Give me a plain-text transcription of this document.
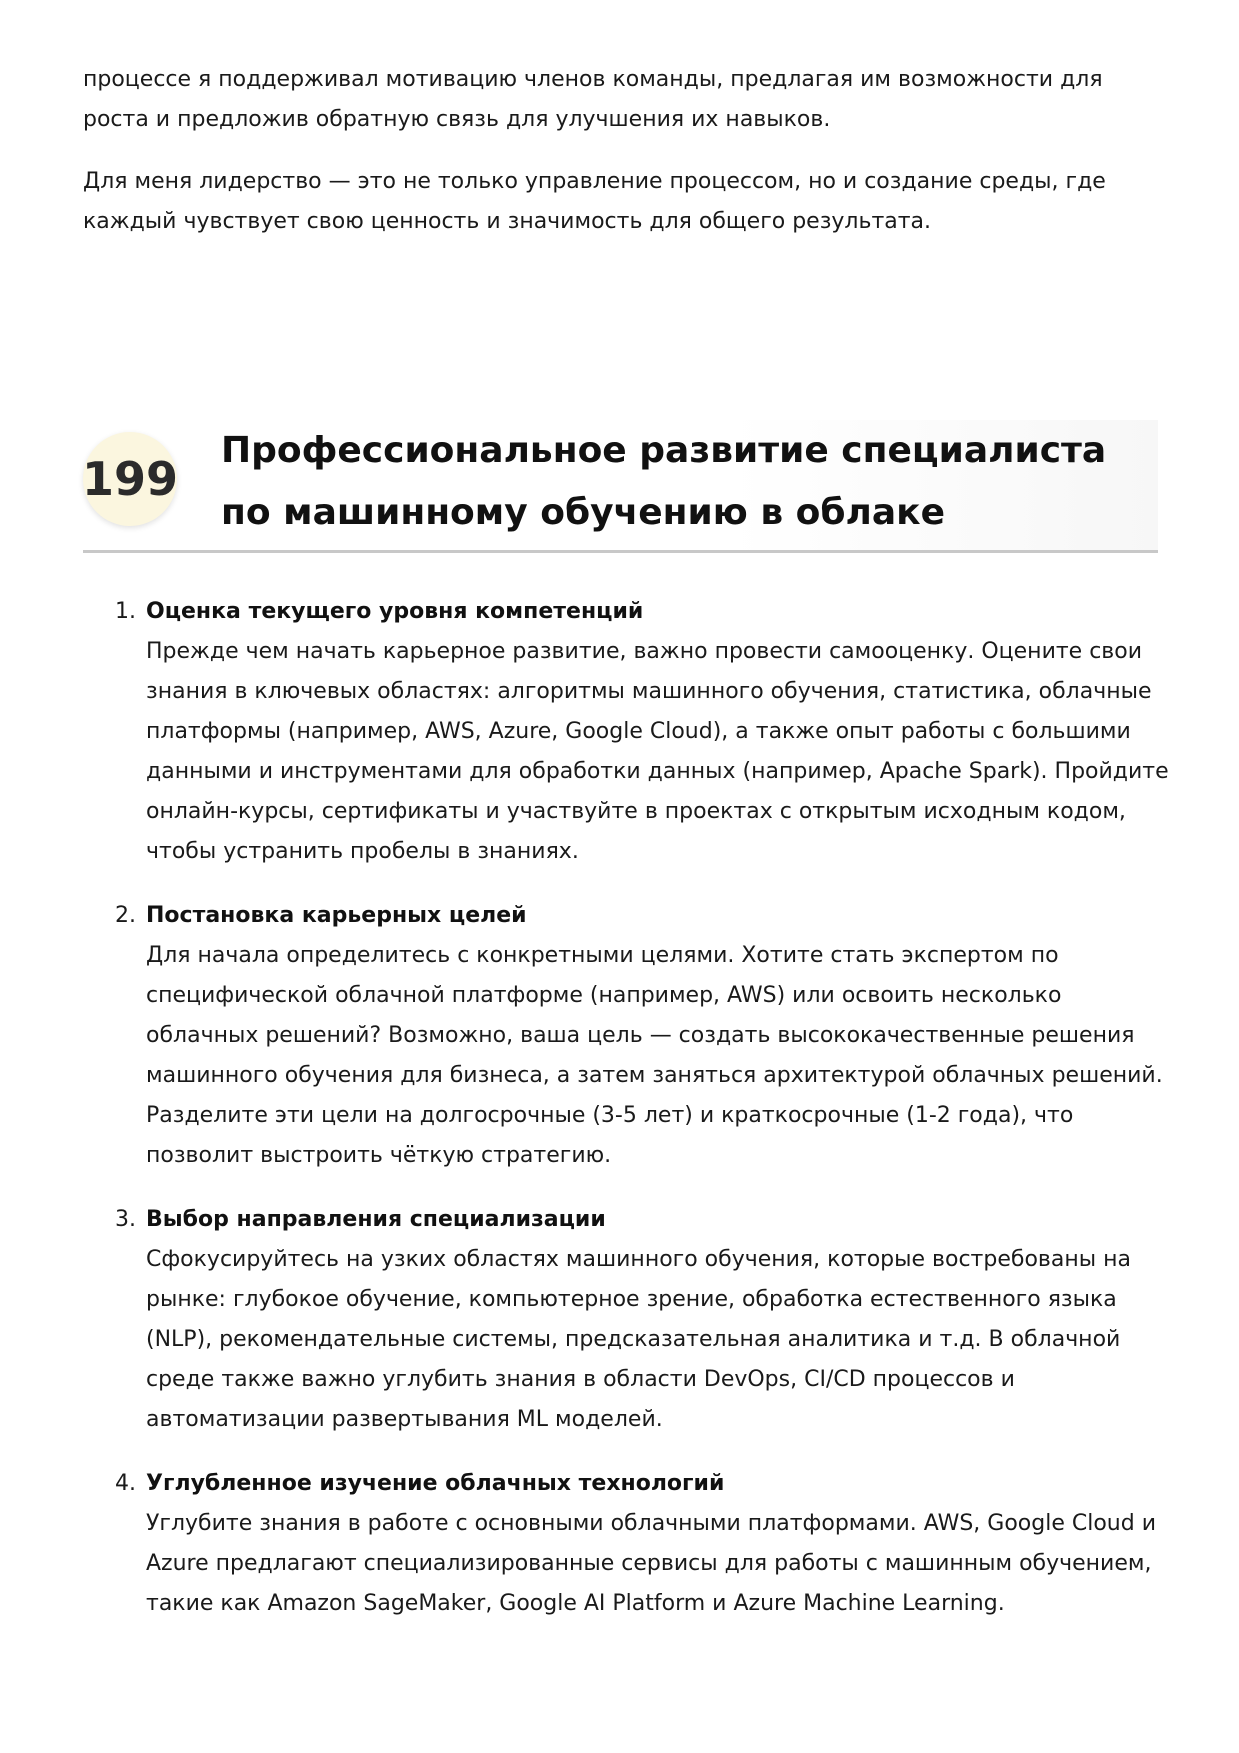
процессе я поддерживал мотивацию членов команды, предлагая им возможности для роста и предложив обратную связь для улучшения их навыков.

Для меня лидерство — это не только управление процессом, но и создание среды, где каждый чувствует свою ценность и значимость для общего результата.

199
Профессиональное развитие специалиста по машинному обучению в облаке
1. Оценка текущего уровня компетенций
Прежде чем начать карьерное развитие, важно провести самооценку. Оцените свои знания в ключевых областях: алгоритмы машинного обучения, статистика, облачные платформы (например, AWS, Azure, Google Cloud), а также опыт работы с большими данными и инструментами для обработки данных (например, Apache Spark). Пройдите онлайн-курсы, сертификаты и участвуйте в проектах с открытым исходным кодом, чтобы устранить пробелы в знаниях.
2. Постановка карьерных целей
Для начала определитесь с конкретными целями. Хотите стать экспертом по специфической облачной платформе (например, AWS) или освоить несколько облачных решений? Возможно, ваша цель — создать высококачественные решения машинного обучения для бизнеса, а затем заняться архитектурой облачных решений. Разделите эти цели на долгосрочные (3-5 лет) и краткосрочные (1-2 года), что позволит выстроить чёткую стратегию.
3. Выбор направления специализации
Сфокусируйтесь на узких областях машинного обучения, которые востребованы на рынке: глубокое обучение, компьютерное зрение, обработка естественного языка (NLP), рекомендательные системы, предсказательная аналитика и т.д. В облачной среде также важно углубить знания в области DevOps, CI/CD процессов и автоматизации развертывания ML моделей.
4. Углубленное изучение облачных технологий
Углубите знания в работе с основными облачными платформами. AWS, Google Cloud и Azure предлагают специализированные сервисы для работы с машинным обучением, такие как Amazon SageMaker, Google AI Platform и Azure Machine Learning.
